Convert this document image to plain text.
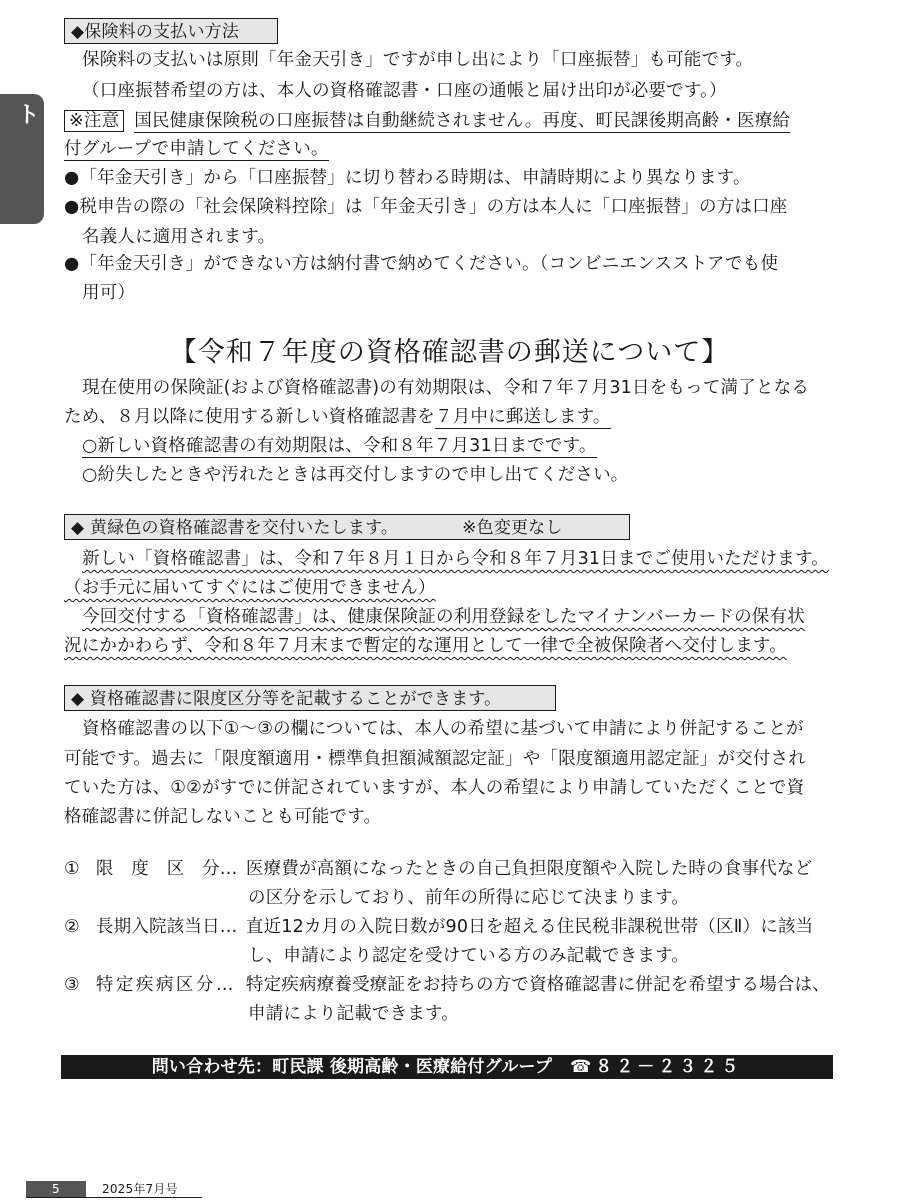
情報ノート
◆保険料の支払い方法
保険料の支払いは原則「年金天引き」ですが申し出により「口座振替」も可能です。
（口座振替希望の方は、本人の資格確認書・口座の通帳と届け出印が必要です。）
※注意 国民健康保険税の口座振替は自動継続されません。再度、町民課後期高齢・医療給
付グループで申請してください。
●「年金天引き」から「口座振替」に切り替わる時期は、申請時期により異なります。
●税申告の際の「社会保険料控除」は「年金天引き」の方は本人に「口座振替」の方は口座
名義人に適用されます。
●「年金天引き」ができない方は納付書で納めてください。（コンビニエンスストアでも使
用可）
【令和７年度の資格確認書の郵送について】
現在使用の保険証(および資格確認書)の有効期限は、令和７年７月31日をもって満了となる
ため、８月以降に使用する新しい資格確認書を７月中に郵送します。
○新しい資格確認書の有効期限は、令和８年７月31日までです。
○紛失したときや汚れたときは再交付しますので申し出てください。
◆ 黄緑色の資格確認書を交付いたします。	※色変更なし
新しい「資格確認書」は、令和７年８月１日から令和８年７月31日までご使用いただけます。
（お手元に届いてすぐにはご使用できません）
今回交付する「資格確認書」は、健康保険証の利用登録をしたマイナンバーカードの保有状
況にかかわらず、令和８年７月末まで暫定的な運用として一律で全被保険者へ交付します。
◆ 資格確認書に限度区分等を記載することができます。
資格確認書の以下①～③の欄については、本人の希望に基づいて申請により併記することが
可能です。過去に「限度額適用・標準負担額減額認定証」や「限度額適用認定証」が交付され
ていた方は、①②がすでに併記されていますが、本人の希望により申請していただくことで資
格確認書に併記しないことも可能です。
① 限　度　区　分… 医療費が高額になったときの自己負担限度額や入院した時の食事代など
の区分を示しており、前年の所得に応じて決まります。
② 長期入院該当日… 直近12カ月の入院日数が90日を超える住民税非課税世帯（区Ⅱ）に該当
し、申請により認定を受けている方のみ記載できます。
③ 特定疾病区分… 特定疾病療養受療証をお持ちの方で資格確認書に併記を希望する場合は、
申請により記載できます。
問い合わせ先：町民課 後期高齢・医療給付グループ ☎８２－２３２５
5	2025年7月号
